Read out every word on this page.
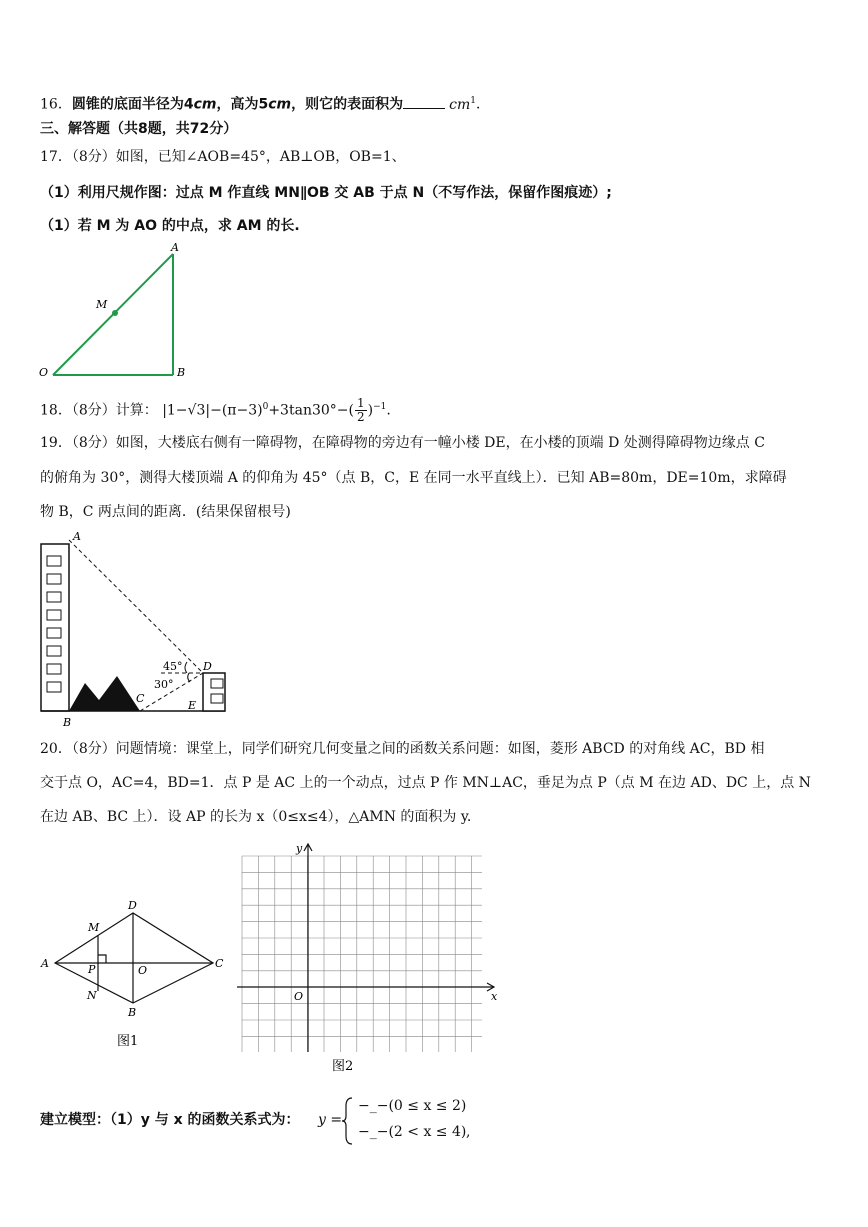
16．圆锥的底面半径为4cm，高为5cm，则它的表面积为	$cm^1$．
三、解答题（共8题，共72分）
17．（8分）如图，已知∠AOB=45°，AB⊥OB，OB=1、
（1）利用尺规作图：过点 M 作直线 MN∥OB 交 AB 于点 N（不写作法，保留作图痕迹）;
（1）若 M 为 AO 的中点，求 AM 的长.
A
M
O	B
18．（8分）计算： $|1-√3|-(\pi-3)^0+3\tan 30^\circ-( \frac{1}{2} )^{-1}$.
19．（8分）如图，大楼底右侧有一障碍物，在障碍物的旁边有一幢小楼 DE，在小楼的顶端 D 处测得障碍物边缘点 C
的俯角为 30°，测得大楼顶端 A 的仰角为 45°（点 B，C，E 在同一水平直线上）．已知 AB=80m，DE=10m，求障碍
物 B，C 两点间的距离．(结果保留根号)
A
B
C
D
E
45°
30°
20．（8分）问题情境：课堂上，同学们研究几何变量之间的函数关系问题：如图，菱形 ABCD 的对角线 AC，BD 相
交于点 O，AC=4，BD=1．点 P 是 AC 上的一个动点，过点 P 作 MN⊥AC，垂足为点 P（点 M 在边 AD、DC 上，点 N
在边 AB、BC 上）．设 AP 的长为 x（0≤x≤4），△AMN 的面积为 y.
A
D
C
B
M
N
P	O
图1
x
y
O
图2
建立模型：（1）y 与 x 的函数关系式为： y =
−_−(0 ≤ x ≤ 2)
−_−(2 < x ≤ 4) ,
